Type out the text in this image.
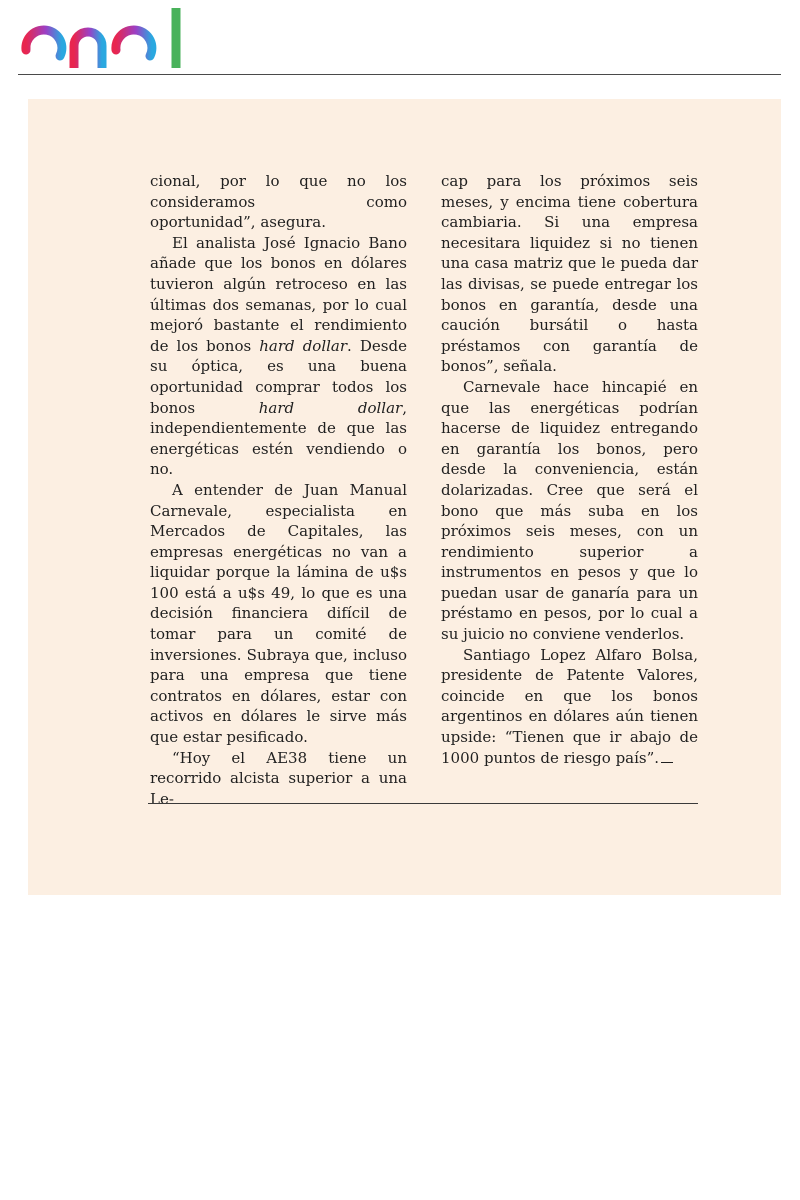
cional, por lo que no los consideramos como oportunidad”, asegura.

El analista José Ignacio Bano añade que los bonos en dólares tuvieron algún retroceso en las últimas dos semanas, por lo cual mejoró bastante el rendimiento de los bonos hard dollar. Desde su óptica, es una buena oportunidad comprar todos los bonos hard dollar, independientemente de que las energéticas estén vendiendo o no.

A entender de Juan Manual Carnevale, especialista en Mercados de Capitales, las empresas energéticas no van a liquidar porque la lámina de u$s 100 está a u$s 49, lo que es una decisión financiera difícil de tomar para un comité de inversiones. Subraya que, incluso para una empresa que tiene contratos en dólares, estar con activos en dólares le sirve más que estar pesificado.

“Hoy el AE38 tiene un recorrido alcista superior a una Le-

cap para los próximos seis meses, y encima tiene cobertura cambiaria. Si una empresa necesitara liquidez si no tienen una casa matriz que le pueda dar las divisas, se puede entregar los bonos en garantía, desde una caución bursátil o hasta préstamos con garantía de bonos”, señala.

Carnevale hace hincapié en que las energéticas podrían hacerse de liquidez entregando en garantía los bonos, pero desde la conveniencia, están dolarizadas. Cree que será el bono que más suba en los próximos seis meses, con un rendimiento superior a instrumentos en pesos y que lo puedan usar de ganaría para un préstamo en pesos, por lo cual a su juicio no conviene venderlos.

Santiago Lopez Alfaro Bolsa, presidente de Patente Valores, coincide en que los bonos argentinos en dólares aún tienen upside: “Tienen que ir abajo de 1000 puntos de riesgo país”.
